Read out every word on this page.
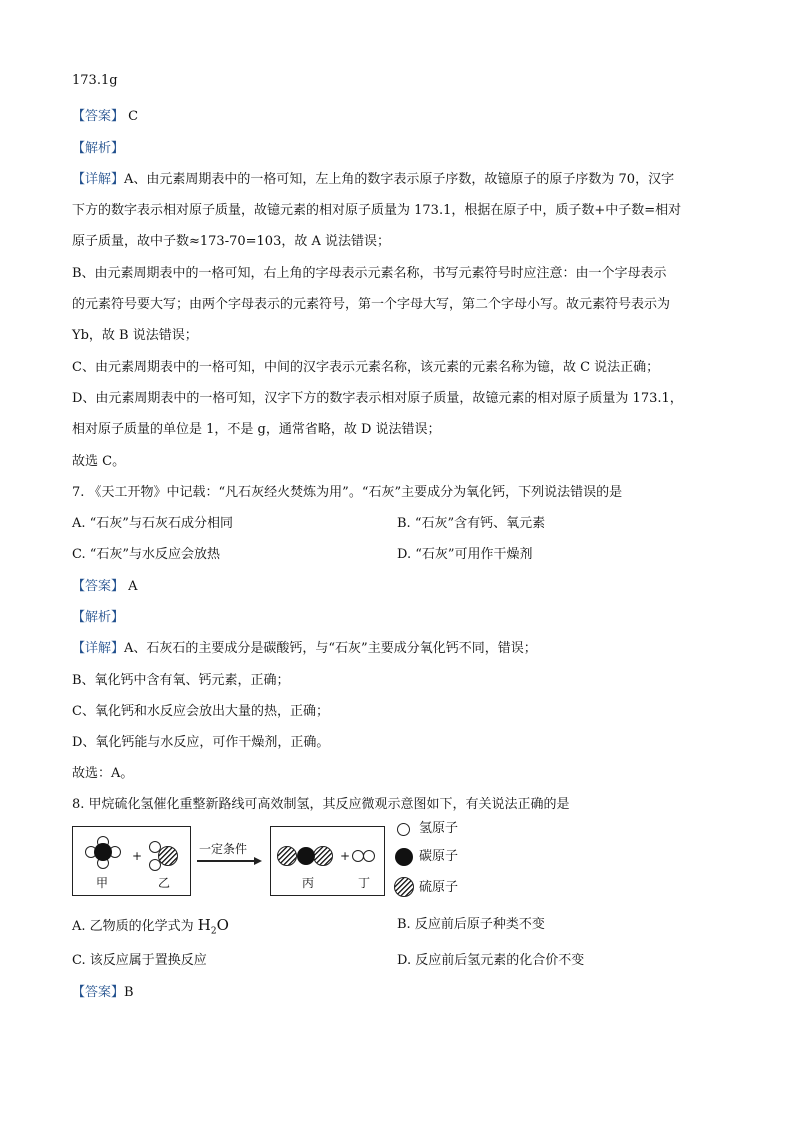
173.1g
【答案】 C
【解析】
【详解】A、由元素周期表中的一格可知，左上角的数字表示原子序数，故镱原子的原子序数为 70，汉字
下方的数字表示相对原子质量，故镱元素的相对原子质量为 173.1，根据在原子中，质子数+中子数=相对
原子质量，故中子数≈173-70=103，故 A 说法错误；
B、由元素周期表中的一格可知，右上角的字母表示元素名称，书写元素符号时应注意：由一个字母表示
的元素符号要大写；由两个字母表示的元素符号，第一个字母大写，第二个字母小写。故元素符号表示为
Yb，故 B 说法错误；
C、由元素周期表中的一格可知，中间的汉字表示元素名称，该元素的元素名称为镱，故 C 说法正确；
D、由元素周期表中的一格可知，汉字下方的数字表示相对原子质量，故镱元素的相对原子质量为 173.1，
相对原子质量的单位是 1，不是 g，通常省略，故 D 说法错误；
故选 C。
7. 《天工开物》中记载：“凡石灰经火焚炼为用”。“石灰”主要成分为氧化钙，下列说法错误的是
A. “石灰”与石灰石成分相同	B. “石灰”含有钙、氧元素
C. “石灰”与水反应会放热	D. “石灰”可用作干燥剂
【答案】 A
【解析】
【详解】A、石灰石的主要成分是碳酸钙，与“石灰”主要成分氧化钙不同，错误；
B、氧化钙中含有氧、钙元素，正确；
C、氧化钙和水反应会放出大量的热，正确；
D、氧化钙能与水反应，可作干燥剂，正确。
故选：A。
8. 甲烷硫化氢催化重整新路线可高效制氢，其反应微观示意图如下，有关说法正确的是
+
甲	乙
一定条件	+
丙	丁
氢原子
碳原子
硫原子
A. 乙物质的化学式为 $H_2O$	B. 反应前后原子种类不变
C. 该反应属于置换反应	D. 反应前后氢元素的化合价不变
【答案】B
